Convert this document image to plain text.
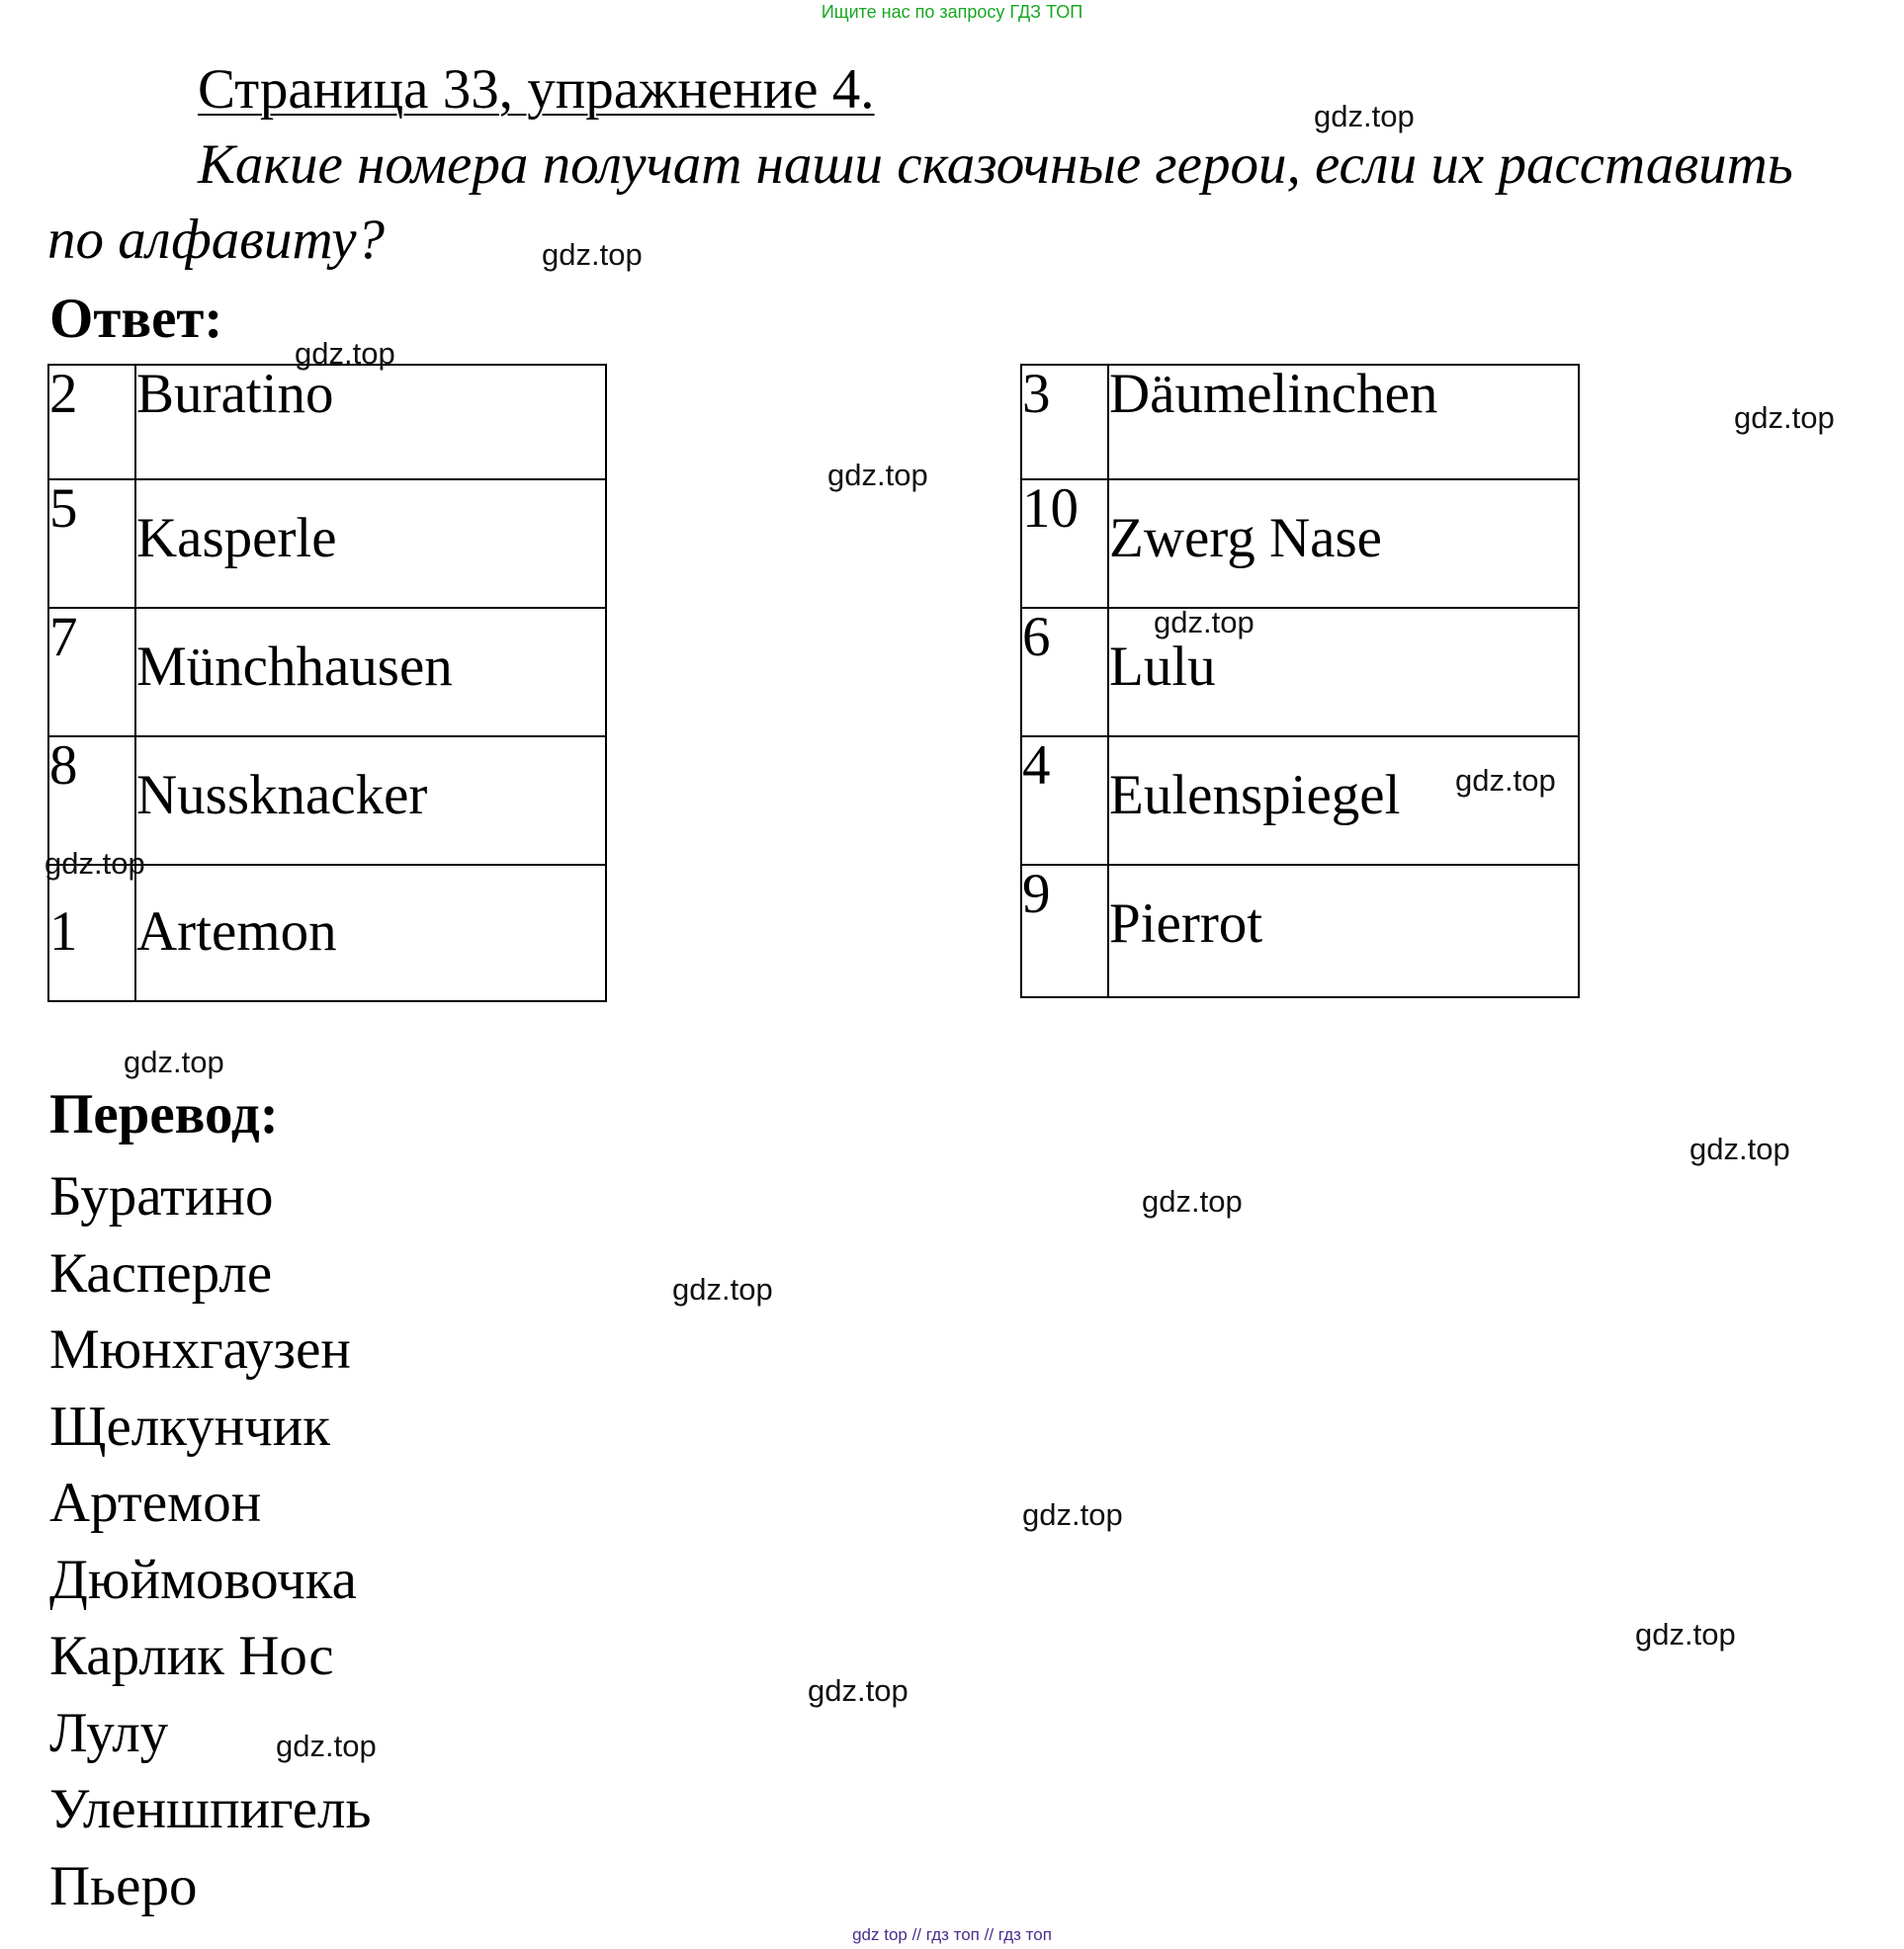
Ищите нас по запросу ГДЗ ТОП
Страница 33, упражнение 4.
Какие номера получат наши сказочные герои, если их расставить
по алфавиту?
Ответ:
2	Buratino
5	Kasperle
7	Münchhausen
8	Nussknacker
1	Artemon
3	Däumelinchen
10	Zwerg Nase
6	Lulu
4	Eulenspiegel
9	Pierrot
Перевод:
Буратино
Касперле
Мюнхгаузен
Щелкунчик
Артемон
Дюймовочка
Карлик Нос
Лулу
Уленшпигель
Пьеро
gdz.top
gdz.top
gdz.top
gdz.top
gdz.top
gdz.top
gdz.top
gdz.top
gdz.top
gdz.top
gdz.top
gdz.top
gdz.top
gdz.top
gdz.top
gdz.top
gdz top // гдз топ // гдз топ
